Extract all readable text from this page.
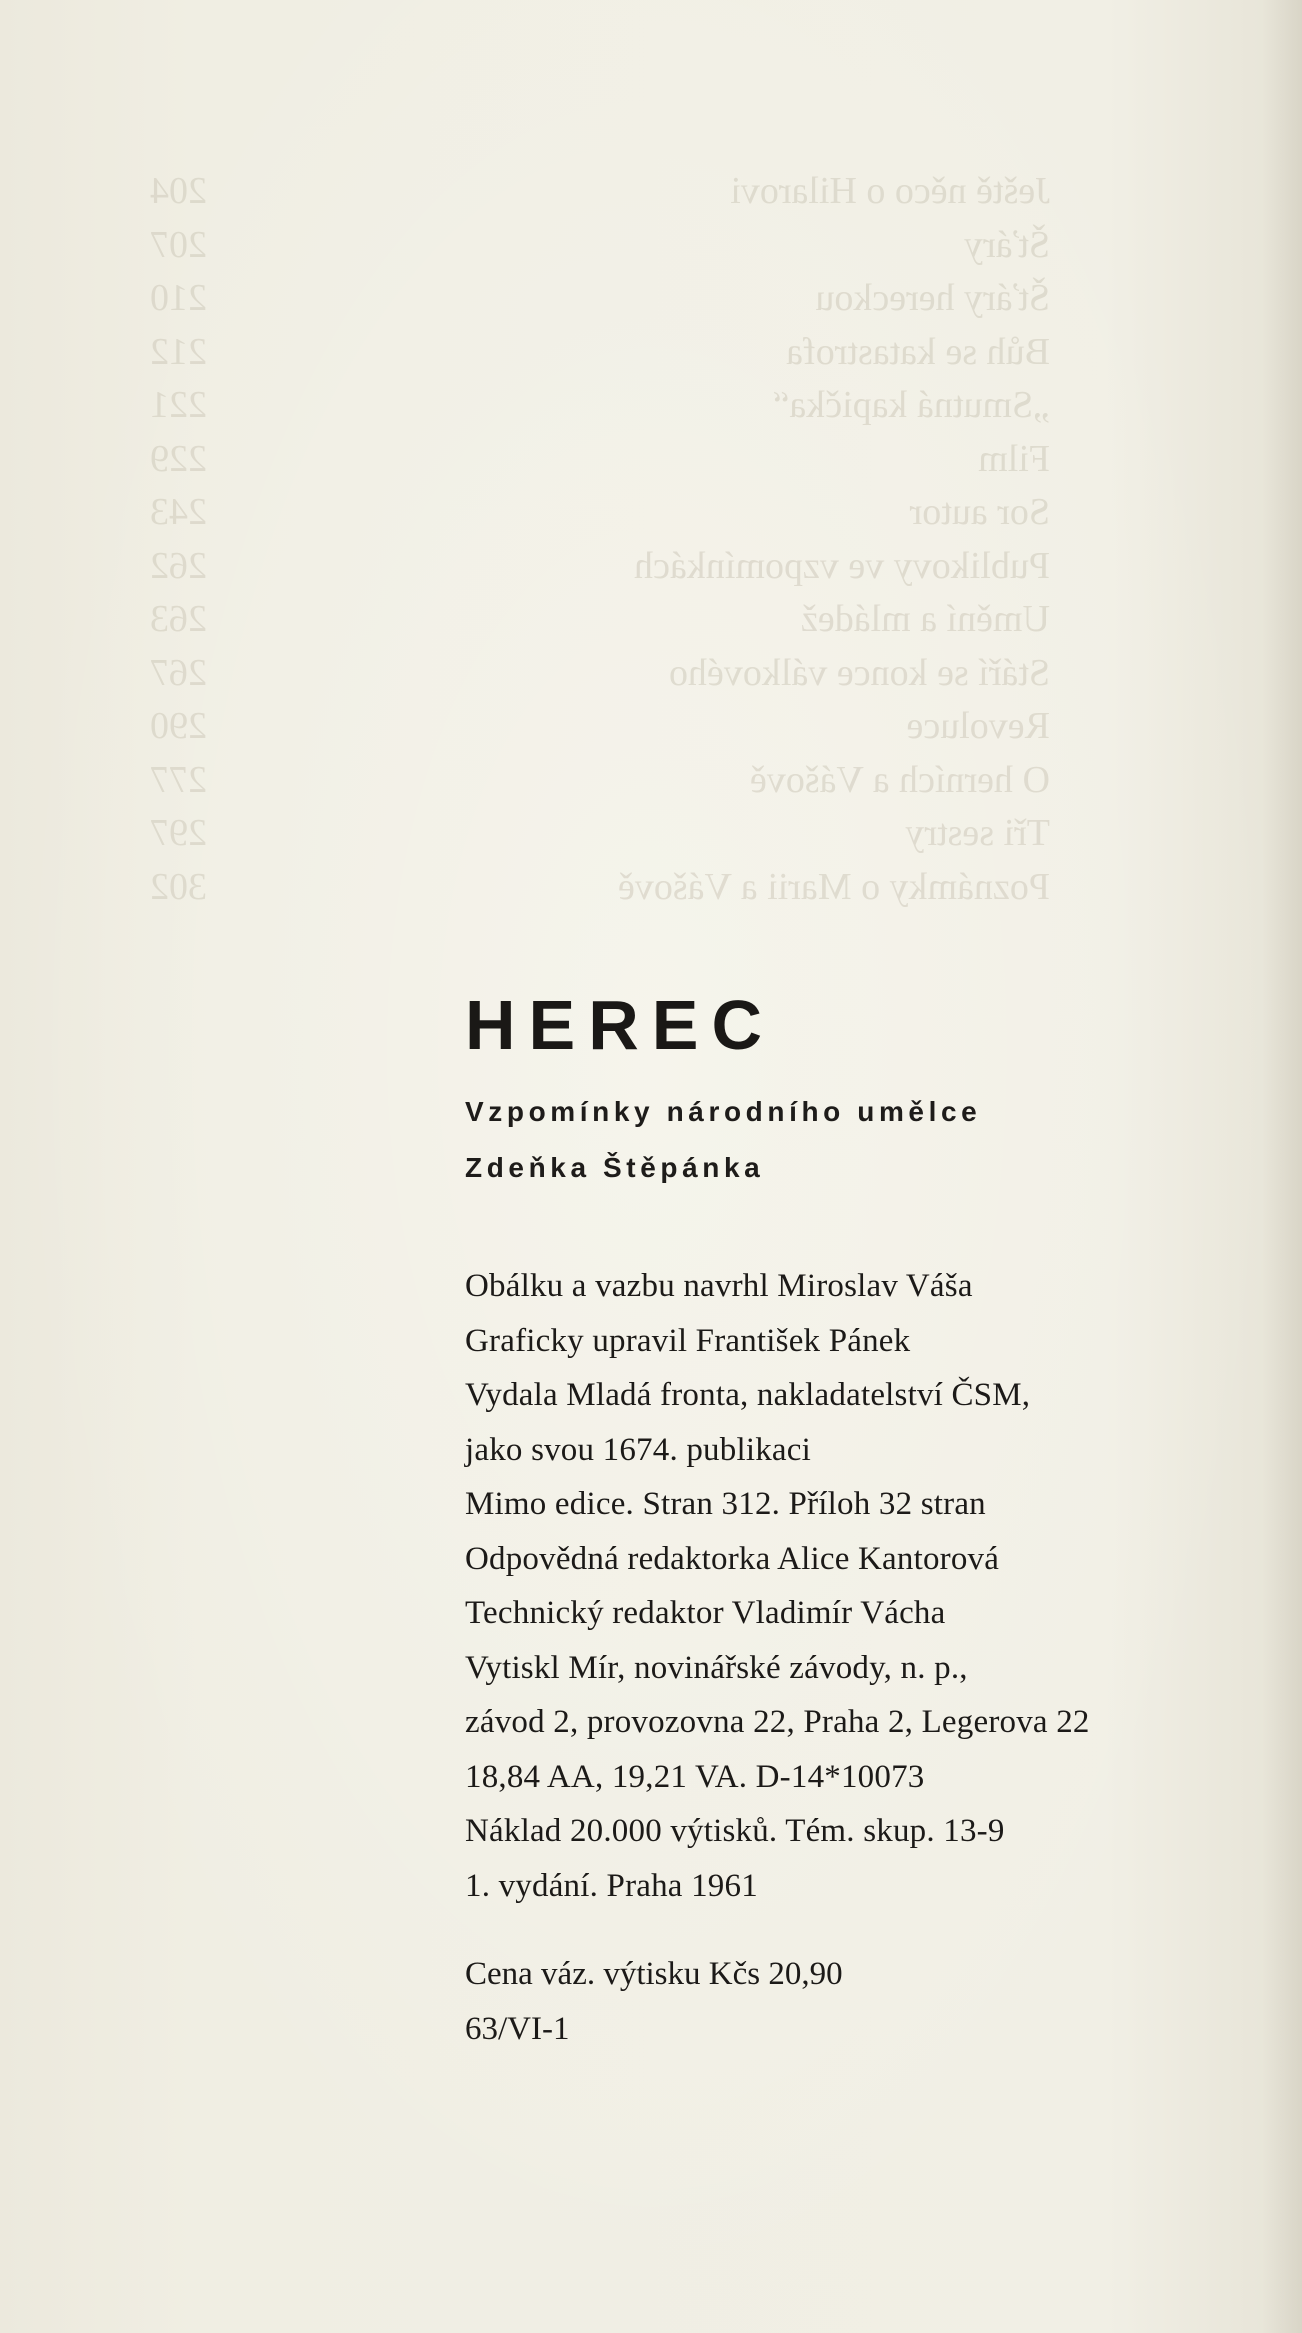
Ještě něco o Hilarovi
204
Šťáry
207
Šťáry hereckou
210
Bůh se katastrofa
212
„Smutná kapička“
221
Film
229
Sor autor
243
Publikovy ve vzpomínkách
262
Umění a mládež
263
Stáří se konce válkového
267
Revoluce
290
O herních a Vášově
277
Tři sestry
297
Poznámky o Marii a Vášově
302
HEREC
Vzpomínky národního umělce
Zdeňka Štěpánka
Obálku a vazbu navrhl Miroslav Váša
Graficky upravil František Pánek
Vydala Mladá fronta, nakladatelství ČSM,
jako svou 1674. publikaci
Mimo edice. Stran 312. Příloh 32 stran
Odpovědná redaktorka Alice Kantorová
Technický redaktor Vladimír Vácha
Vytiskl Mír, novinářské závody, n. p.,
závod 2, provozovna 22, Praha 2, Legerova 22
18,84 AA, 19,21 VA. D-14*10073
Náklad 20.000 výtisků. Tém. skup. 13-9
1. vydání. Praha 1961
Cena váz. výtisku Kčs 20,90
63/VI-1
